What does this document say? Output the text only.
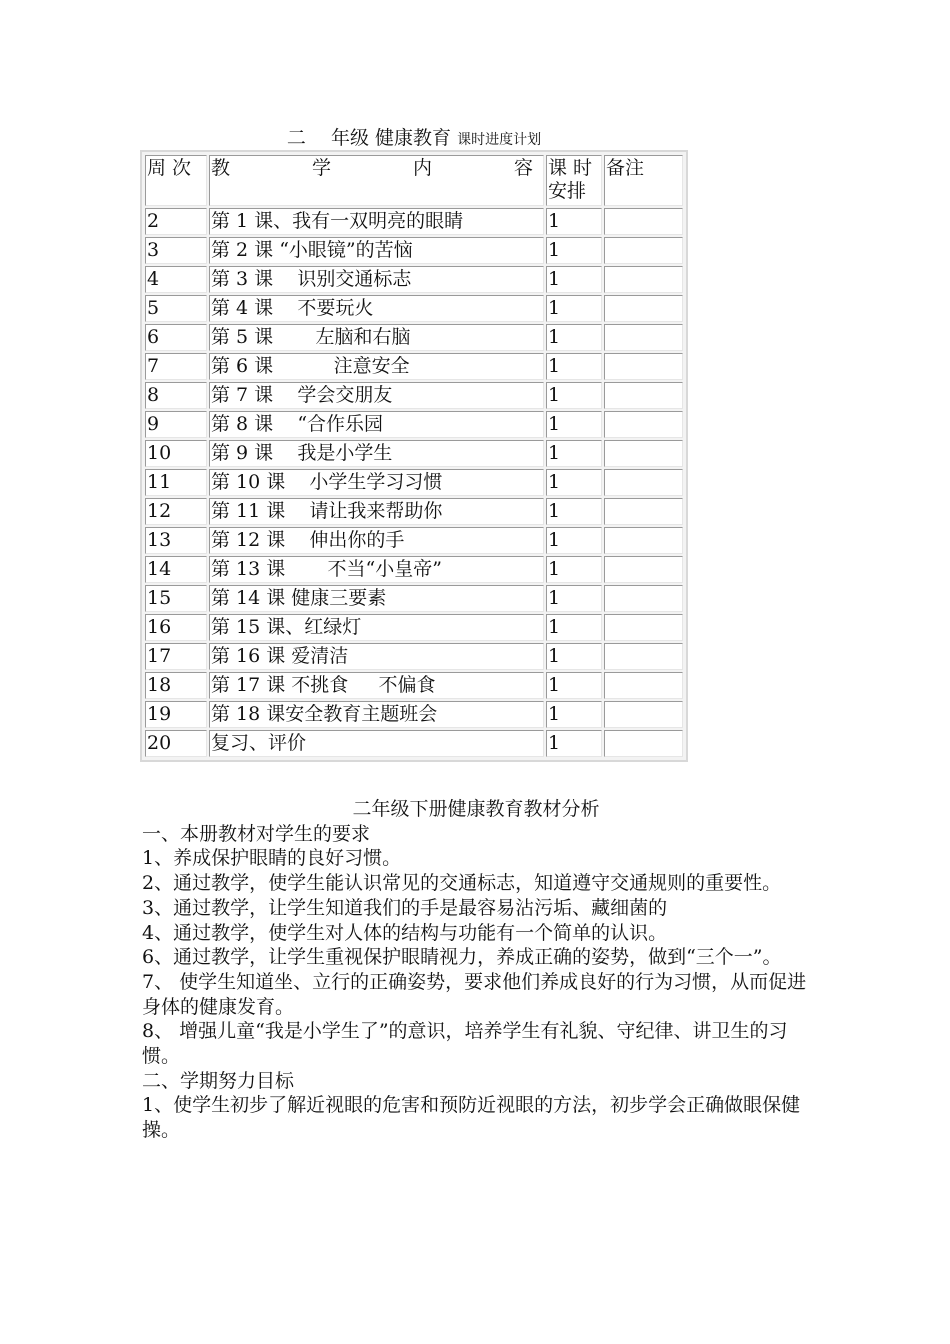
二　 年级 健康教育 课时进度计划
周 次	教学内容	课 时安排	备注
2	第 1 课、我有一双明亮的眼睛	1	
3	第 2 课 “小眼镜”的苦恼	1	
4	第 3 课    识别交通标志	1	
5	第 4 课    不要玩火	1	
6	第 5 课       左脑和右脑	1	
7	第 6 课          注意安全	1	
8	第 7 课    学会交朋友	1	
9	第 8 课    “合作乐园	1	
10	第 9 课    我是小学生	1	
11	第 10 课    小学生学习习惯	1	
12	第 11 课    请让我来帮助你	1	
13	第 12 课    伸出你的手	1	
14	第 13 课       不当“小皇帝”	1	
15	第 14 课 健康三要素	1	
16	第 15 课、红绿灯	1	
17	第 16 课 爱清洁	1	
18	第 17 课 不挑食     不偏食	1	
19	第 18 课安全教育主题班会	1	
20	复习、评价	1	

二年级下册健康教育教材分析

一、本册教材对学生的要求

1、养成保护眼睛的良好习惯。

2、通过教学，使学生能认识常见的交通标志，知道遵守交通规则的重要性。

3、通过教学，让学生知道我们的手是最容易沾污垢、藏细菌的

4、通过教学，使学生对人体的结构与功能有一个简单的认识。

6、通过教学，让学生重视保护眼睛视力，养成正确的姿势，做到“三个一”。

7、 使学生知道坐、立行的正确姿势，要求他们养成良好的行为习惯，从而促进身体的健康发育。

8、 增强儿童“我是小学生了”的意识，培养学生有礼貌、守纪律、讲卫生的习惯。

二、学期努力目标

1、使学生初步了解近视眼的危害和预防近视眼的方法，初步学会正确做眼保健操。
